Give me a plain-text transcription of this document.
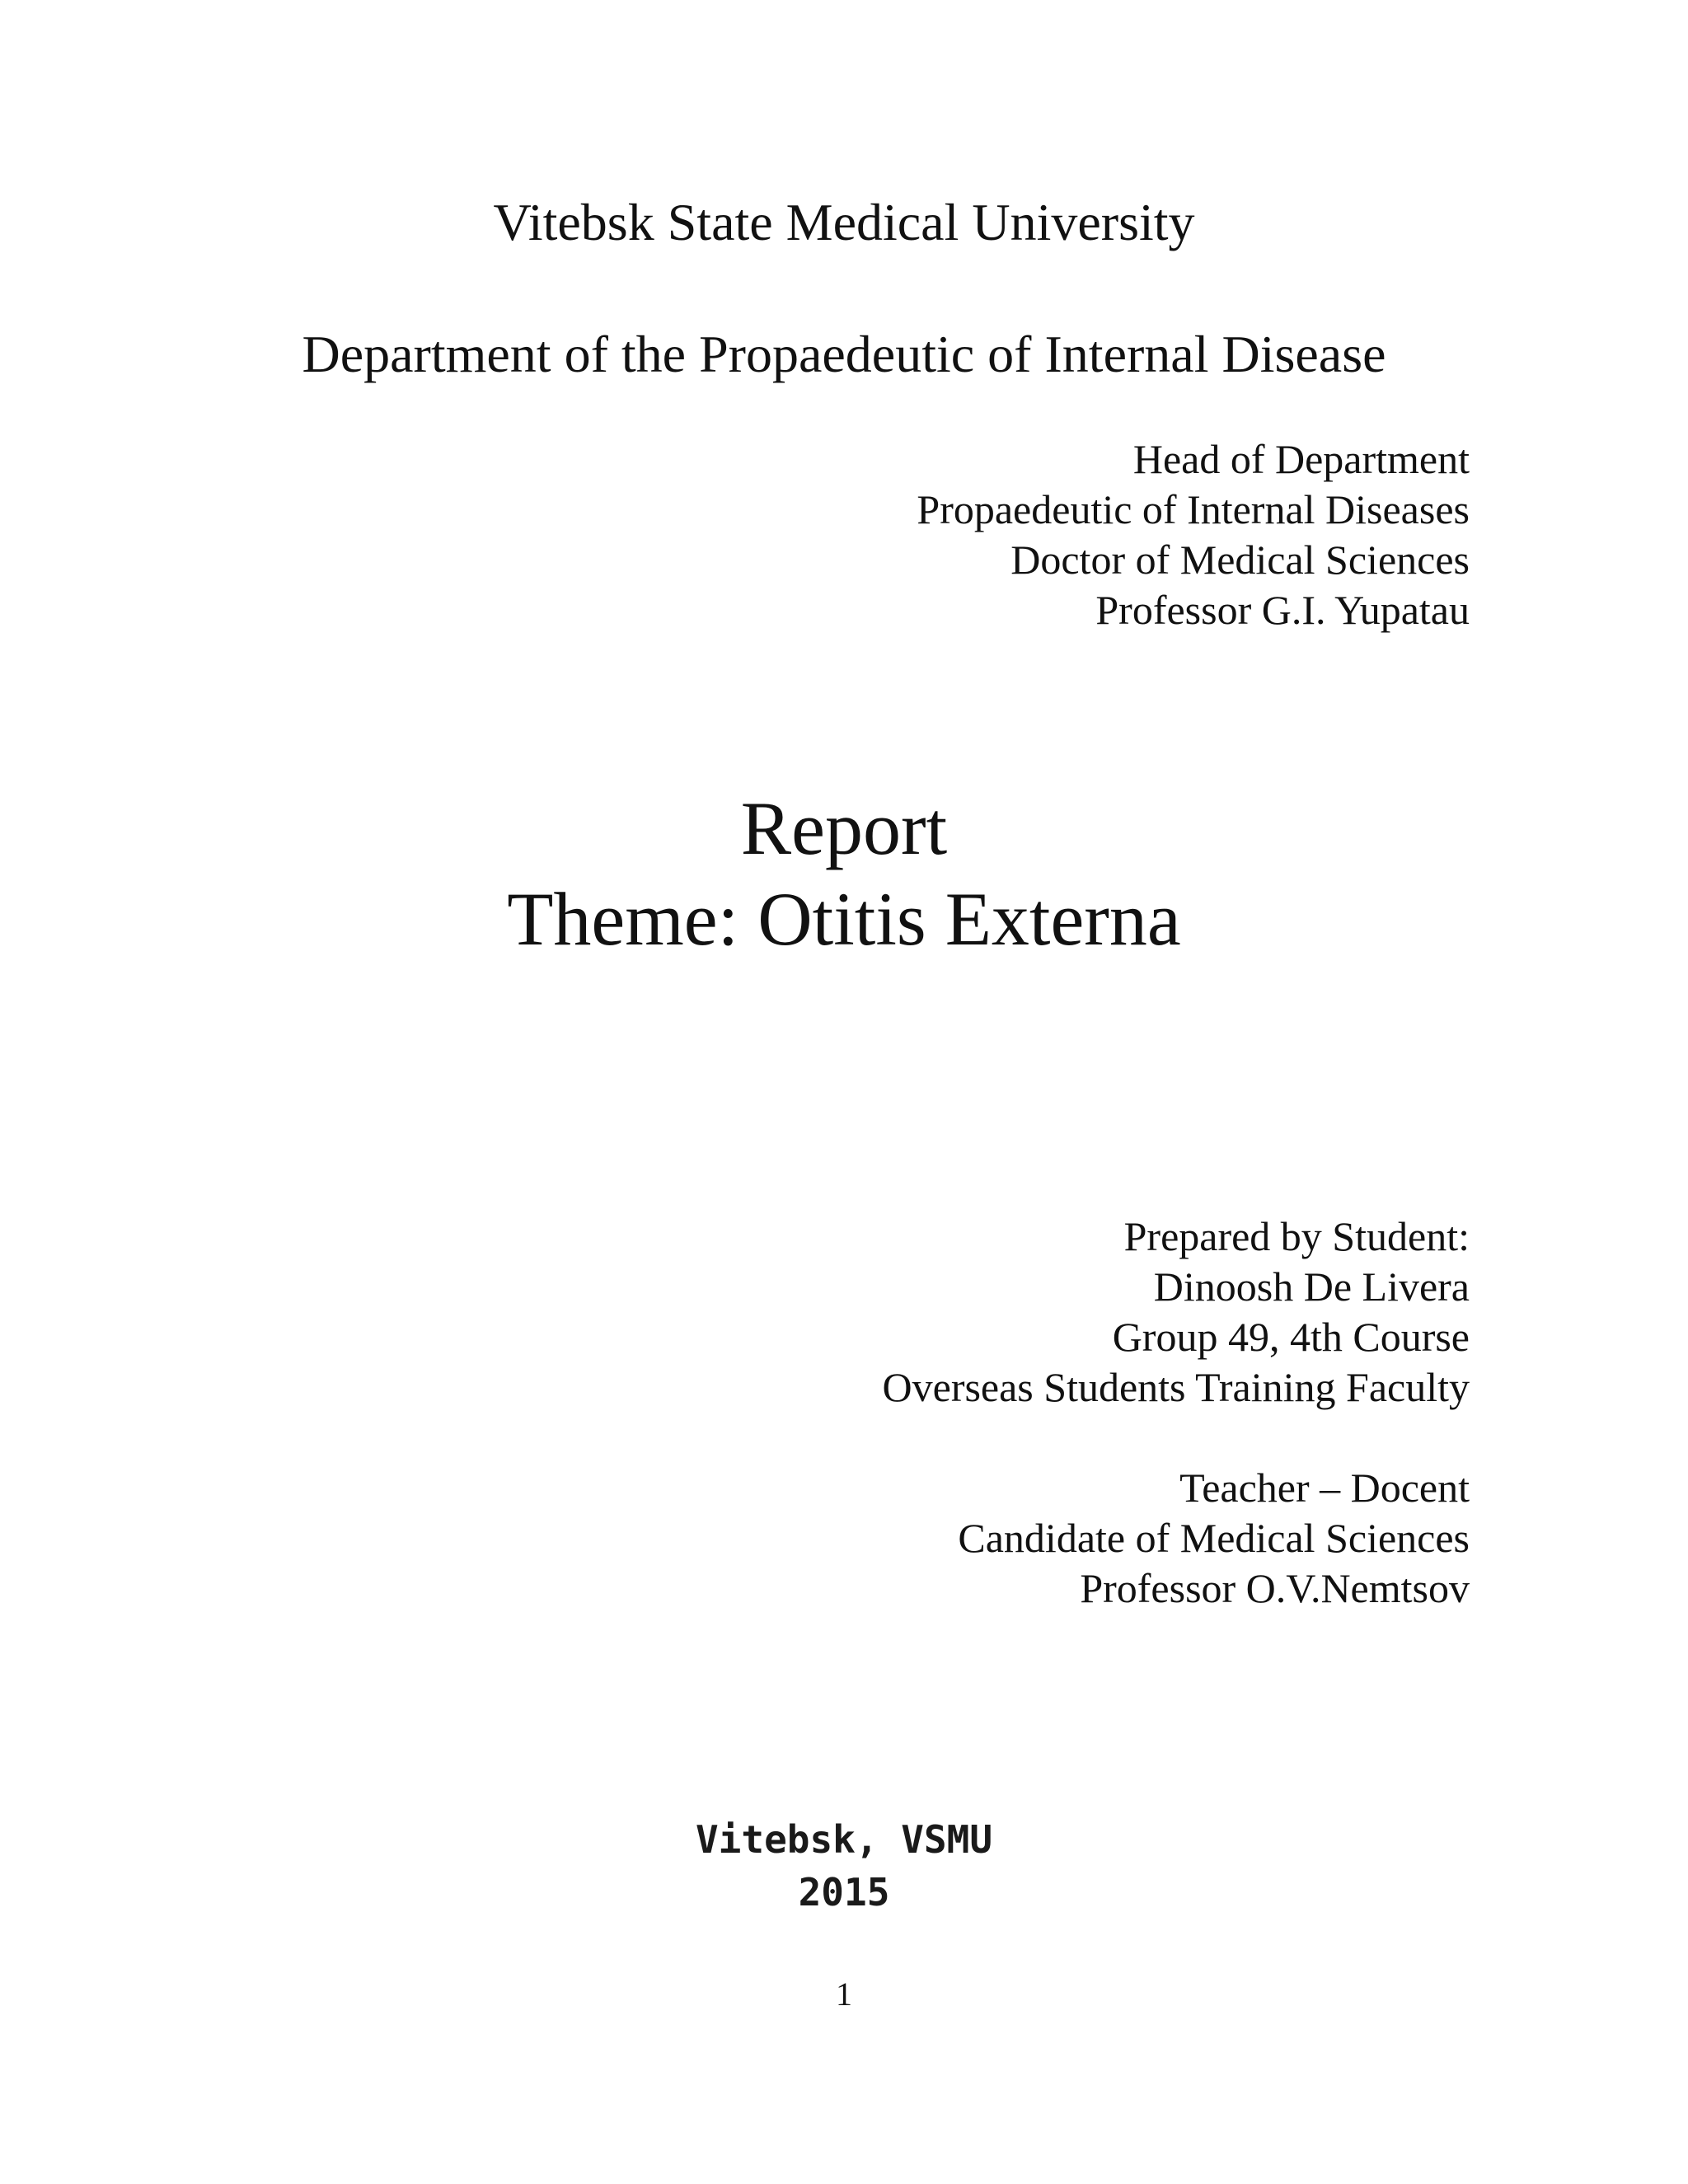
Vitebsk State Medical University
Department of the Propaedeutic of Internal Disease
Head of Department
Propaedeutic of Internal Diseases
Doctor of Medical Sciences
Professor G.I. Yupatau
Report
Theme: Otitis Externa
Prepared by Student:
Dinoosh De Livera
Group 49, 4th Course
Overseas Students Training Faculty
Teacher – Docent
Candidate of Medical Sciences
Professor O.V.Nemtsov
Vitebsk, VSMU
2015
1
